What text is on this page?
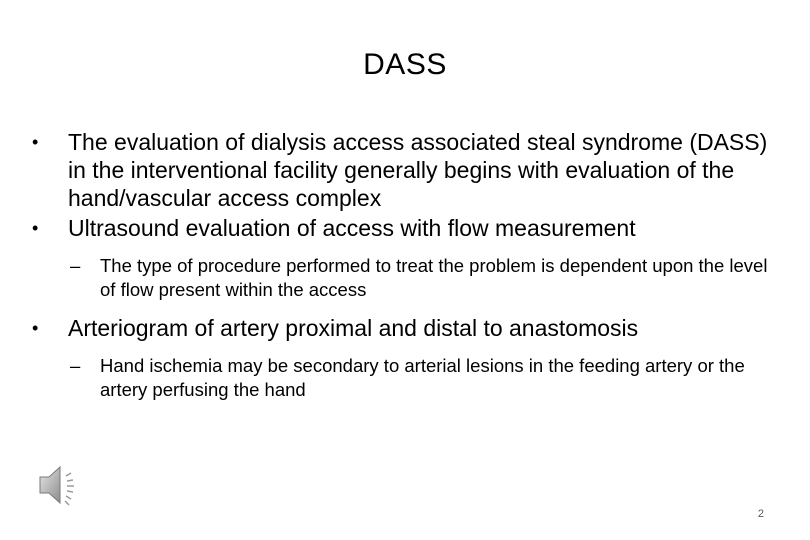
DASS
• The evaluation of dialysis access associated steal syndrome (DASS) in the interventional facility generally begins with evaluation of the hand/vascular access complex
• Ultrasound evaluation of access with flow measurement
– The type of procedure performed to treat the problem is dependent upon the level of flow present within the access
• Arteriogram of artery proximal and distal to anastomosis
– Hand ischemia may be secondary to arterial lesions in the feeding artery or the artery perfusing the hand
2
